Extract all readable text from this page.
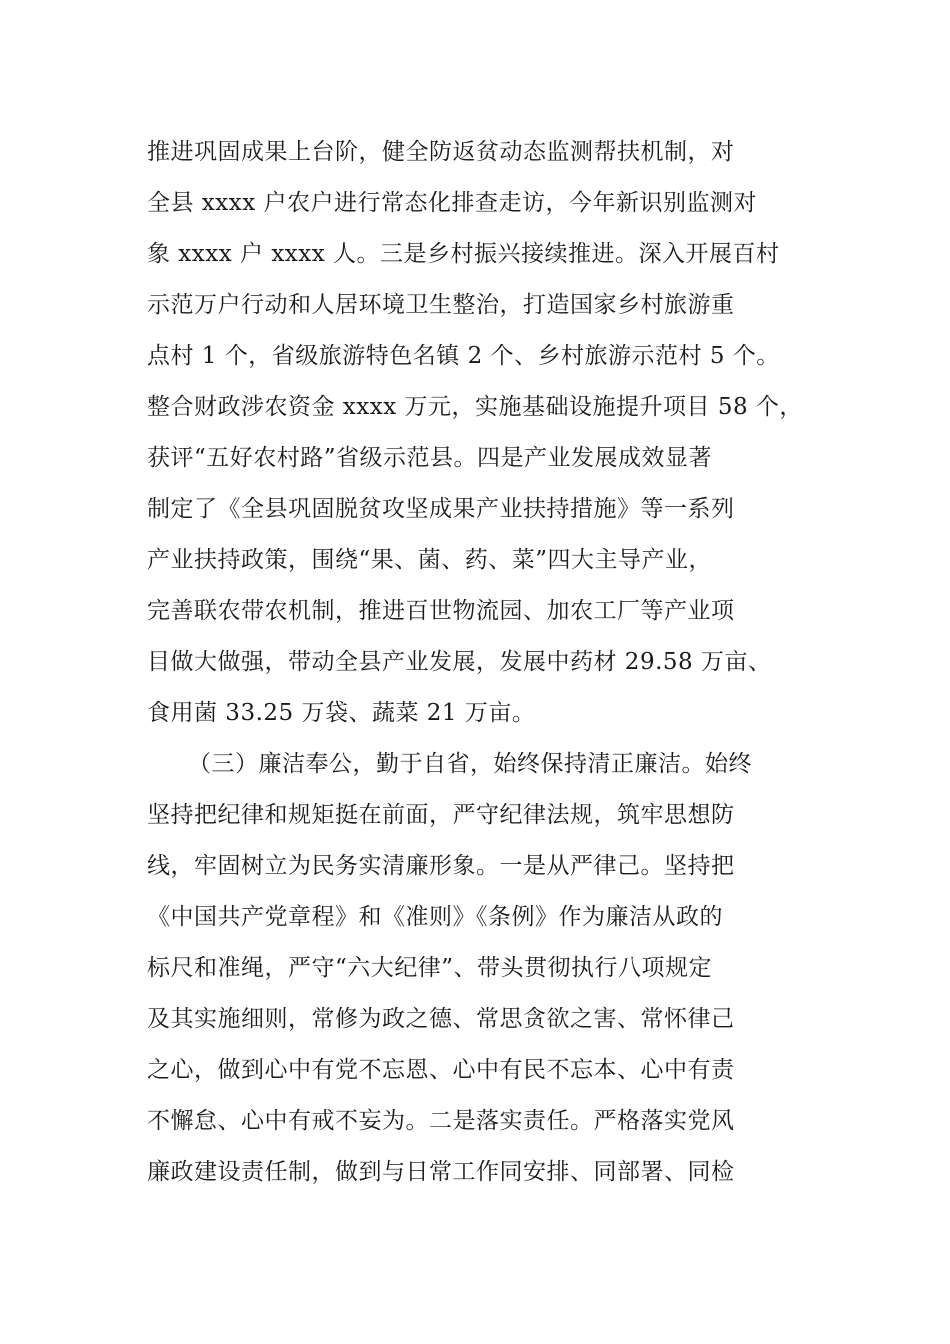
推进巩固成果上台阶，健全防返贫动态监测帮扶机制，对
全县 xxxx 户农户进行常态化排查走访，今年新识别监测对
象 xxxx 户 xxxx 人。三是乡村振兴接续推进。深入开展百村
示范万户行动和人居环境卫生整治，打造国家乡村旅游重
点村 1 个，省级旅游特色名镇 2 个、乡村旅游示范村 5 个。
整合财政涉农资金 xxxx 万元，实施基础设施提升项目 58 个，
获评“五好农村路”省级示范县。四是产业发展成效显著
制定了《全县巩固脱贫攻坚成果产业扶持措施》等一系列
产业扶持政策，围绕“果、菌、药、菜”四大主导产业，
完善联农带农机制，推进百世物流园、加农工厂等产业项
目做大做强，带动全县产业发展，发展中药材 29.58 万亩、
食用菌 33.25 万袋、蔬菜 21 万亩。
（三）廉洁奉公，勤于自省，始终保持清正廉洁。始终
坚持把纪律和规矩挺在前面，严守纪律法规，筑牢思想防
线，牢固树立为民务实清廉形象。一是从严律己。坚持把
《中国共产党章程》和《准则》《条例》作为廉洁从政的
标尺和准绳，严守“六大纪律”、带头贯彻执行八项规定
及其实施细则，常修为政之德、常思贪欲之害、常怀律己
之心，做到心中有党不忘恩、心中有民不忘本、心中有责
不懈怠、心中有戒不妄为。二是落实责任。严格落实党风
廉政建设责任制，做到与日常工作同安排、同部署、同检
